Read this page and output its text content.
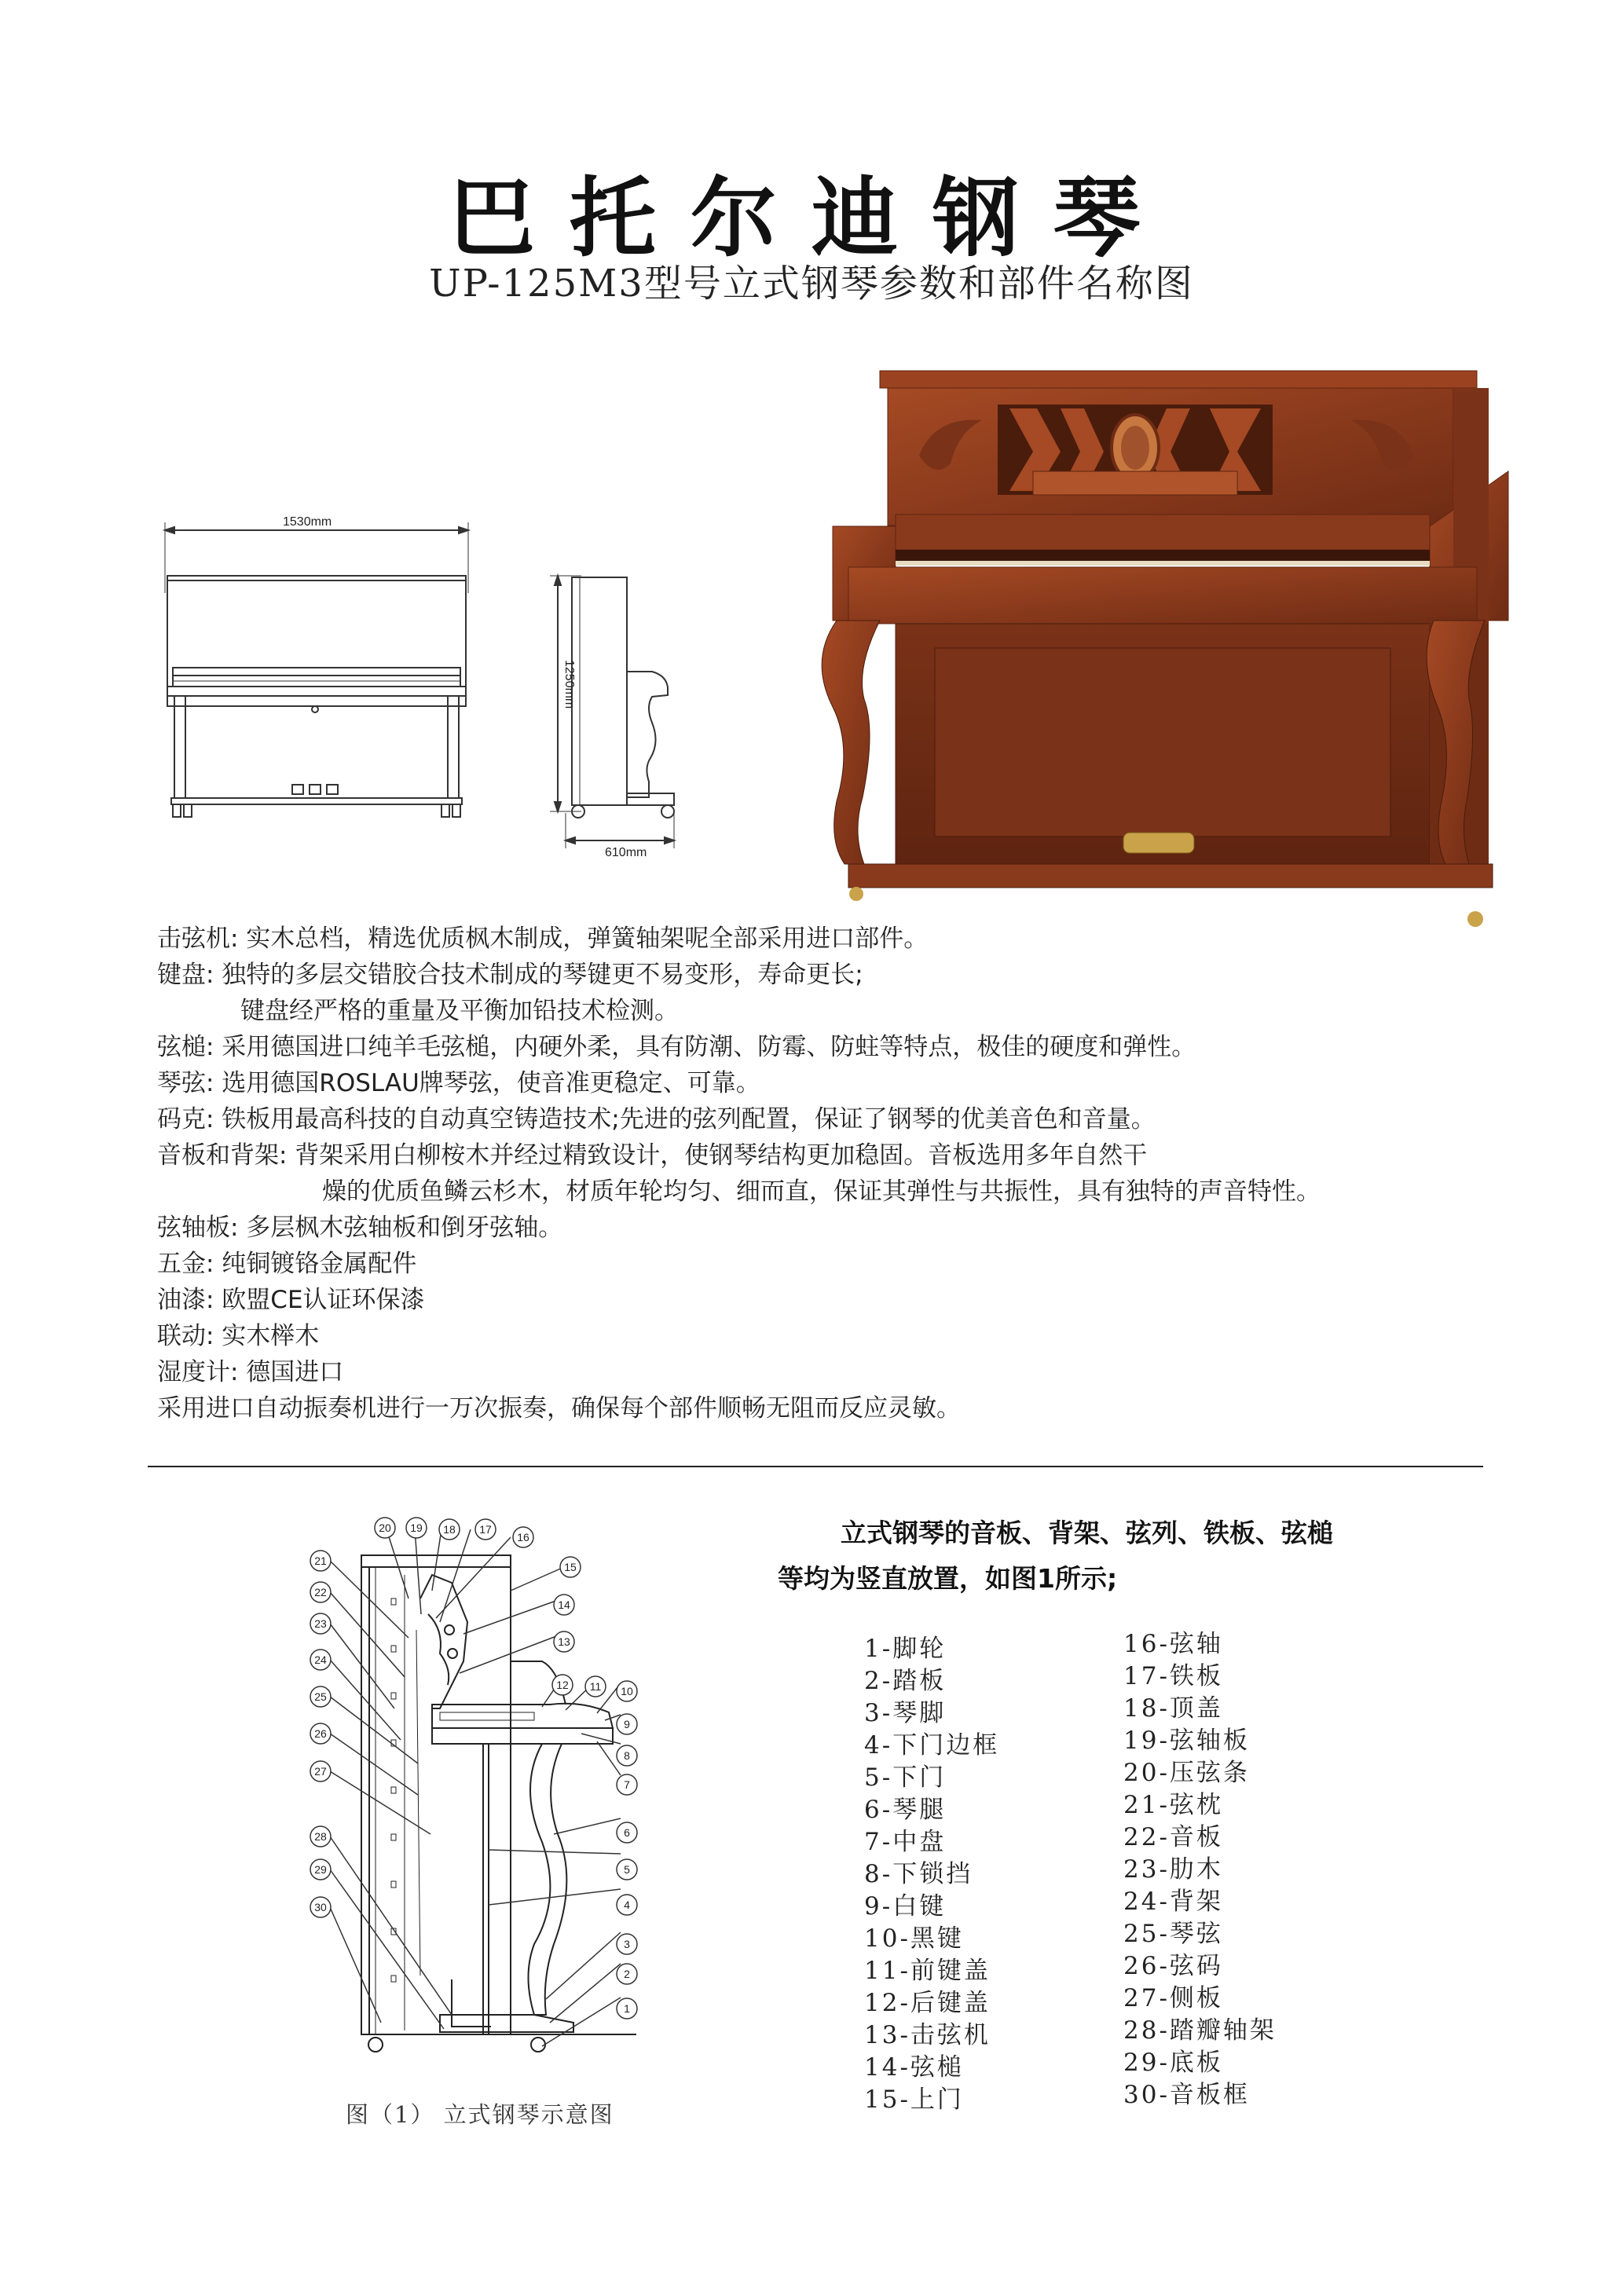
巴托尔迪钢琴
UP-125M3型号立式钢琴参数和部件名称图
1530mm
1250mm
610mm
击弦机: 实木总档，精选优质枫木制成，弹簧轴架呢全部采用进口部件。
键盘: 独特的多层交错胶合技术制成的琴键更不易变形，寿命更长;
键盘经严格的重量及平衡加铅技术检测。
弦槌: 采用德国进口纯羊毛弦槌，内硬外柔，具有防潮、防霉、防蛀等特点，极佳的硬度和弹性。
琴弦: 选用德国ROSLAU牌琴弦，使音准更稳定、可靠。
码克: 铁板用最高科技的自动真空铸造技术;先进的弦列配置，保证了钢琴的优美音色和音量。
音板和背架: 背架采用白柳桉木并经过精致设计，使钢琴结构更加稳固。音板选用多年自然干
燥的优质鱼鳞云杉木，材质年轮均匀、细而直，保证其弹性与共振性，具有独特的声音特性。
弦轴板: 多层枫木弦轴板和倒牙弦轴。
五金: 纯铜镀铬金属配件
油漆: 欧盟CE认证环保漆
联动: 实木榉木
湿度计: 德国进口
采用进口自动振奏机进行一万次振奏，确保每个部件顺畅无阻而反应灵敏。
1
2
3
4
5
6
7
8
9
10
11
12
13
14
15
16
17
18
19
20
21
22
23
24
25
26
27
28
29
30
图（1） 立式钢琴示意图
立式钢琴的音板、背架、弦列、铁板、弦槌
等均为竖直放置，如图1所示;
1-脚轮
2-踏板
3-琴脚
4-下门边框
5-下门
6-琴腿
7-中盘
8-下锁挡
9-白键
10-黑键
11-前键盖
12-后键盖
13-击弦机
14-弦槌
15-上门
16-弦轴
17-铁板
18-顶盖
19-弦轴板
20-压弦条
21-弦枕
22-音板
23-肋木
24-背架
25-琴弦
26-弦码
27-侧板
28-踏瓣轴架
29-底板
30-音板框
